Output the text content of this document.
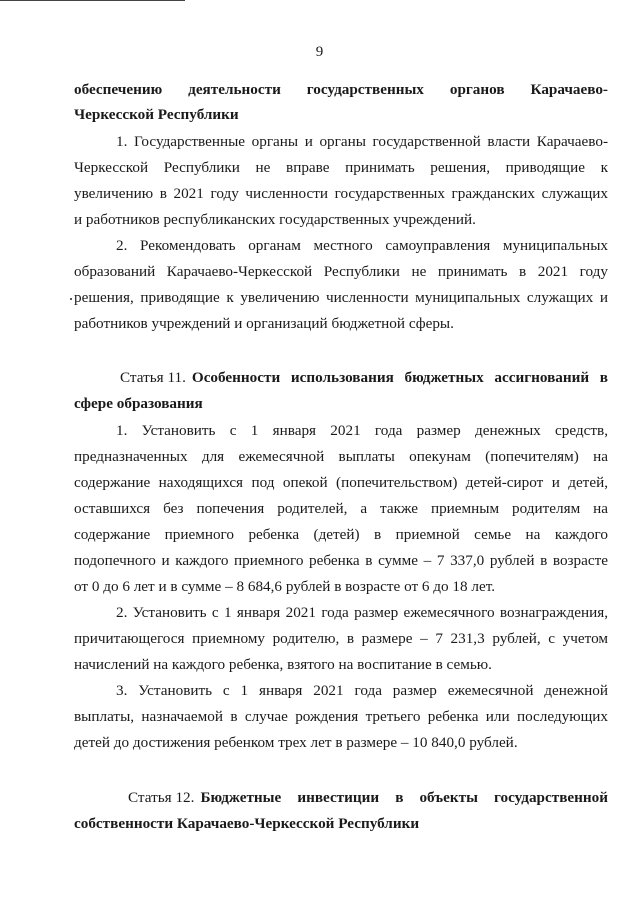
9
обеспечению деятельности государственных органов Карачаево-
Черкесской Республики
1. Государственные органы и органы государственной власти Карачаево-
Черкесской Республики не вправе принимать решения, приводящие к
увеличению в 2021 году численности государственных гражданских служащих
и работников республиканских государственных учреждений.
2. Рекомендовать органам местного самоуправления муниципальных
образований Карачаево-Черкесской Республики не принимать в 2021 году
решения, приводящие к увеличению численности муниципальных служащих и
работников учреждений и организаций бюджетной сферы.
Статья 11. Особенности использования бюджетных ассигнований в
сфере образования
1. Установить с 1 января 2021 года размер денежных средств,
предназначенных для ежемесячной выплаты опекунам (попечителям) на
содержание находящихся под опекой (попечительством) детей-сирот и детей,
оставшихся без попечения родителей, а также приемным родителям на
содержание приемного ребенка (детей) в приемной семье на каждого
подопечного и каждого приемного ребенка в сумме – 7 337,0 рублей в возрасте
от 0 до 6 лет и в сумме – 8 684,6 рублей в возрасте от 6 до 18 лет.
2. Установить с 1 января 2021 года размер ежемесячного вознаграждения,
причитающегося приемному родителю, в размере – 7 231,3 рублей, с учетом
начислений на каждого ребенка, взятого на воспитание в семью.
3. Установить с 1 января 2021 года размер ежемесячной денежной
выплаты, назначаемой в случае рождения третьего ребенка или последующих
детей до достижения ребенком трех лет в размере – 10 840,0 рублей.
Статья 12. Бюджетные инвестиции в объекты государственной
собственности Карачаево-Черкесской Республики
